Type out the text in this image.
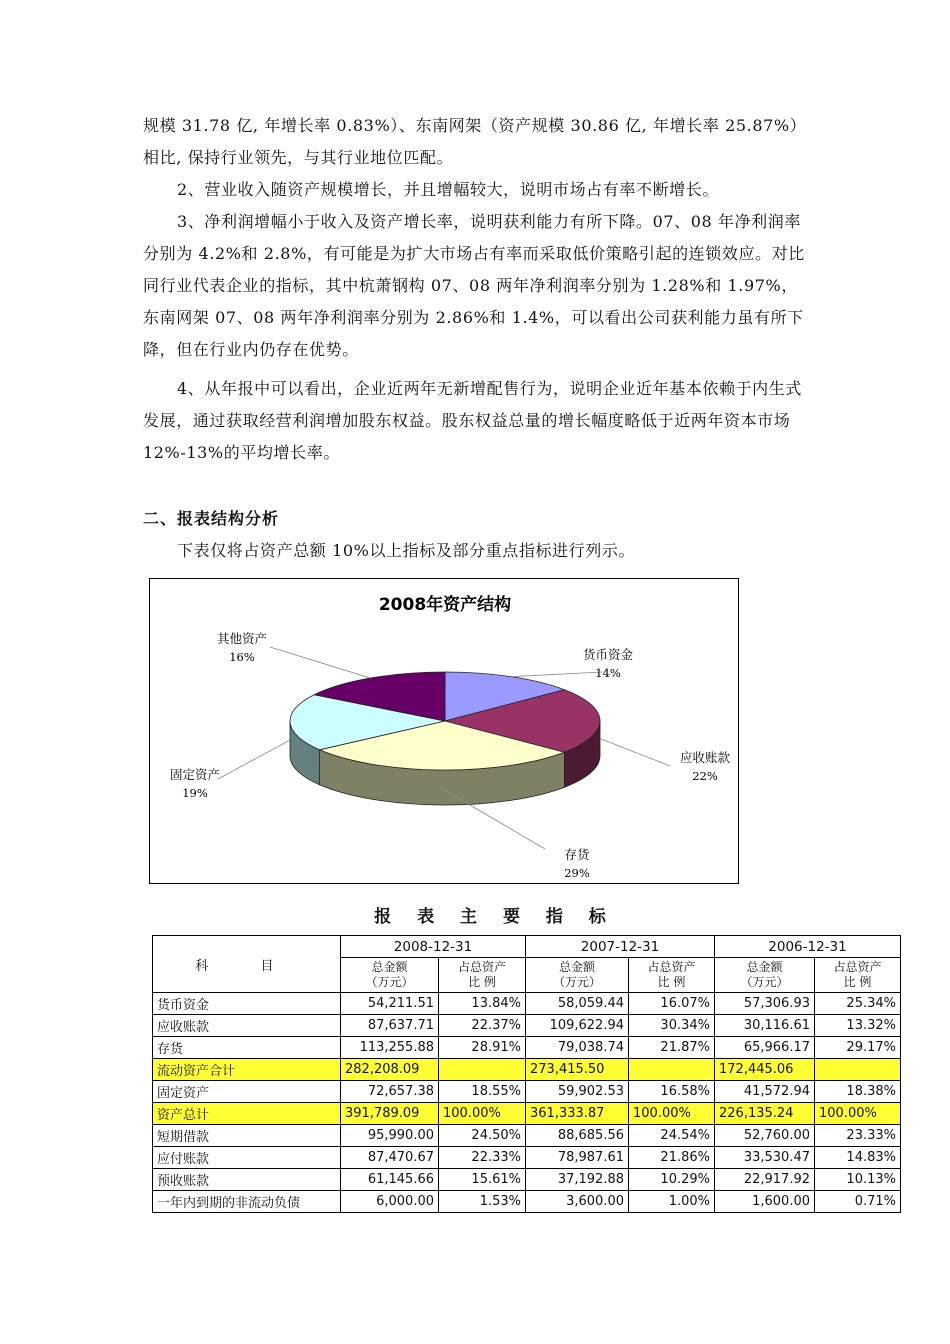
规模 31.78 亿, 年增长率 0.83%）、东南网架（资产规模 30.86 亿, 年增长率 25.87%）相比, 保持行业领先，与其行业地位匹配。

2、营业收入随资产规模增长，并且增幅较大，说明市场占有率不断增长。

3、净利润增幅小于收入及资产增长率，说明获利能力有所下降。07、08 年净利润率分别为 4.2%和 2.8%，有可能是为扩大市场占有率而采取低价策略引起的连锁效应。对比同行业代表企业的指标，其中杭萧钢构 07、08 两年净利润率分别为 1.28%和 1.97%，东南网架 07、08 两年净利润率分别为 2.86%和 1.4%，可以看出公司获利能力虽有所下降，但在行业内仍存在优势。

4、从年报中可以看出，企业近两年无新增配售行为，说明企业近年基本依赖于内生式发展，通过获取经营利润增加股东权益。股东权益总量的增长幅度略低于近两年资本市场 12%-13%的平均增长率。

二、报表结构分析
下表仅将占资产总额 10%以上指标及部分重点指标进行列示。
2008年资产结构
货币资金
14%
应收账款
22%
存货
29%
固定资产
19%
其他资产
16%
报 表 主 要 指 标
科 目	2008-12-31		2007-12-31		2006-12-31	
	总金额
（万元）	占总资产
比 例	总金额
（万元）	占总资产
比 例	总金额
（万元）	占总资产
比 例
货币资金	54,211.51	13.84%	58,059.44	16.07%	57,306.93	25.34%
应收账款	87,637.71	22.37%	109,622.94	30.34%	30,116.61	13.32%
存货	113,255.88	28.91%	79,038.74	21.87%	65,966.17	29.17%
流动资产合计	282,208.09		273,415.50		172,445.06	
固定资产	72,657.38	18.55%	59,902.53	16.58%	41,572.94	18.38%
资产总计	391,789.09	100.00%	361,333.87	100.00%	226,135.24	100.00%
短期借款	95,990.00	24.50%	88,685.56	24.54%	52,760.00	23.33%
应付账款	87,470.67	22.33%	78,987.61	21.86%	33,530.47	14.83%
预收账款	61,145.66	15.61%	37,192.88	10.29%	22,917.92	10.13%
一年内到期的非流动负债	6,000.00	1.53%	3,600.00	1.00%	1,600.00	0.71%
